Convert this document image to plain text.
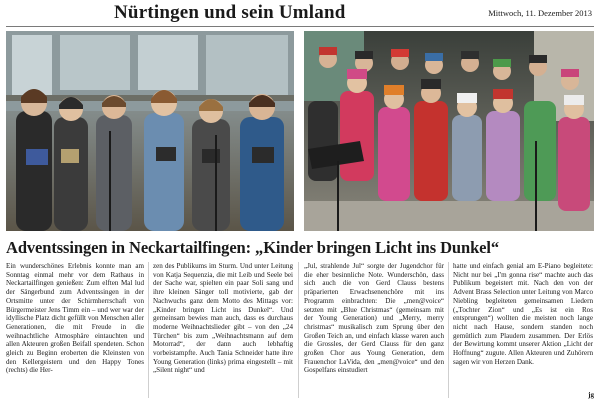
Nürtingen und sein Umland	Mittwoch, 11. Dezember 2013
Adventssingen in Neckartailfingen: „Kinder bringen Licht ins Dunkel“
Ein wunderschönes Erlebnis konnte man am Sonntag einmal mehr vor dem Rathaus in Neckartailfingen genießen: Zum elften Mal lud der Sängerbund zum Adventssingen in der Ortsmitte unter der Schirmherrschaft von Bürgermeister Jens Timm ein – und wer war der idyllische Platz dicht gefüllt von Menschen aller Generationen, die mit Freude in die weihnachtliche Atmosphäre eintauchten und allen Akteuren großen Beifall spendeten. Schon gleich zu Beginn eroberten die Kleinsten von den Kellergeistern und den Happy Tones (rechts) die Her-
zen des Publikums im Sturm. Und unter Leitung von Katja Sequenzia, die mit Leib und Seele bei der Sache war, spielten ein paar Soli sang und ihre kleinen Sänger toll motivierte, gab der Nachwuchs ganz dem Motto des Mittags vor: „Kinder bringen Licht ins Dunkel“. Und gemeinsam bewies man auch, dass es durchaus moderne Weihnachtslieder gibt – von den „24 Türchen“ bis zum „Weihnachtsmann auf dem Motorrad“, der dann auch lebhaftig vorbeistampfte. Auch Tania Schneider hatte ihre Young Generation (links) prima eingestellt – mit „Silent night“ und
„Jul, strahlende Jul“ sorgte der Jugendchor für die eher besinnliche Note. Wunderschön, dass sich auch die von Gerd Clauss bestens präparierten Erwachsenenchöre mit ins Programm einbrachten: Die „men@voice“ setzten mit „Blue Christmas“ (gemeinsam mit der Young Generation) und „Merry, merry christmas“ musikalisch zum Sprung über den Großen Teich an, und einfach klasse waren auch die Grossles, der Gerd Clauss für den ganz großen Chor aus Young Generation, dem Frauenchor LaVida, den „men@voice“ und den Gospelfans einstudiert
hatte und einfach genial am E-Piano begleitete: Nicht nur bei „I'm gonna rise“ machte auch das Publikum begeistert mit. Nach den von der Advent Brass Selection unter Leitung von Marco Niebling begleiteten gemeinsamen Liedern („Tochter Zion“ und „Es ist ein Ros entsprungen“) wollten die meisten noch lange nicht nach Hause, sondern standen noch gemütlich zum Plaudern zusammen. Der Erlös der Bewirtung kommt unserer Aktion „Licht der Hoffnung“ zugute. Allen Akteuren und Zuhörern sagen wir von Herzen Dank.
jg
